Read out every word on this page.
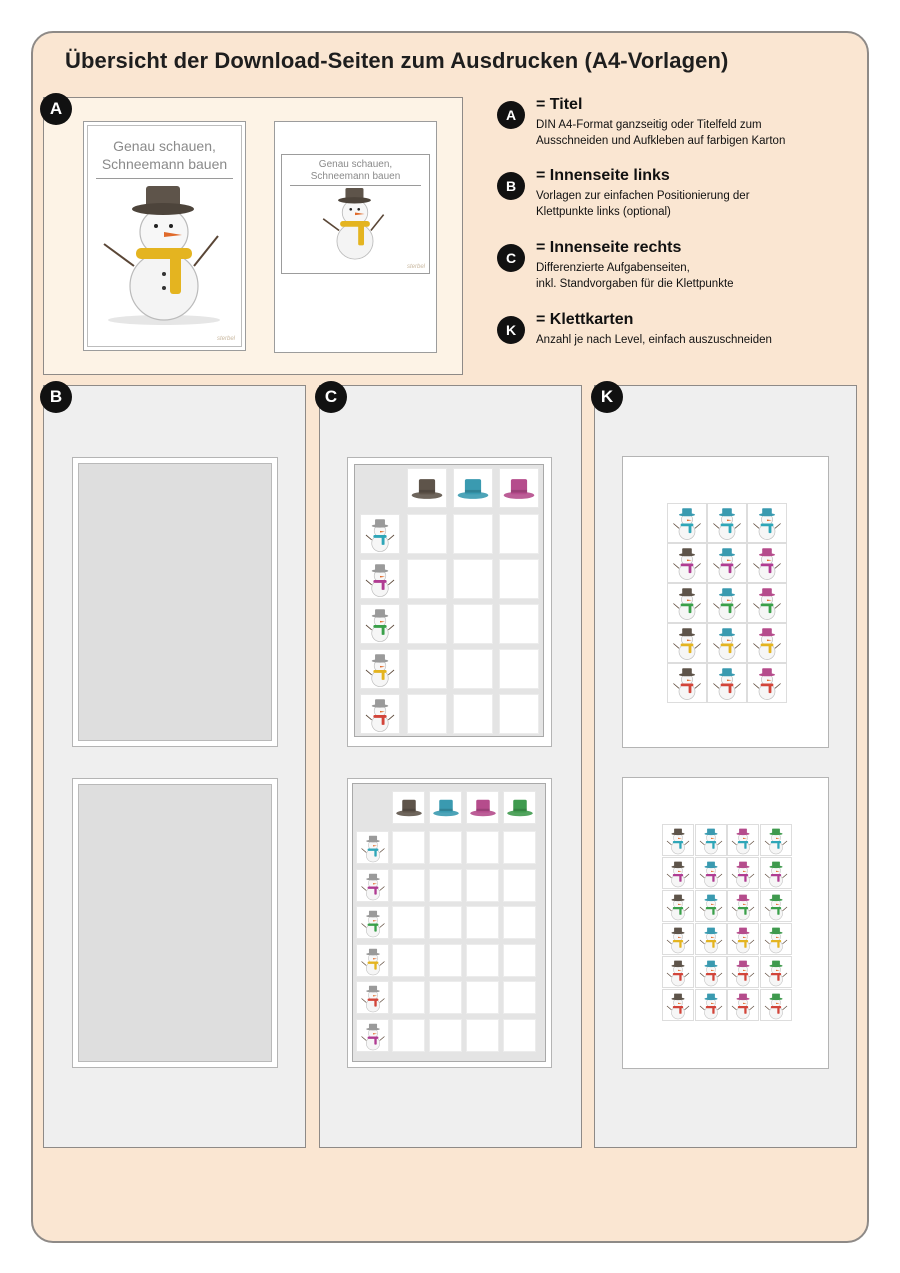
Übersicht der Download-Seiten zum Ausdrucken (A4-Vorlagen)
A
Genau schauen,
Schneemann bauen
sterbel
Genau schauen,
Schneemann bauen
sterbel
A
= Titel
DIN A4-Format ganzseitig oder Titelfeld zum
Ausschneiden und Aufkleben auf farbigen Karton
B
= Innenseite links
Vorlagen zur einfachen Positionierung der
Klettpunkte links (optional)
C
= Innenseite rechts
Differenzierte Aufgabenseiten,
inkl. Standvorgaben für die Klettpunkte
K
= Klettkarten
Anzahl je nach Level, einfach auszuschneiden
B	C	K
